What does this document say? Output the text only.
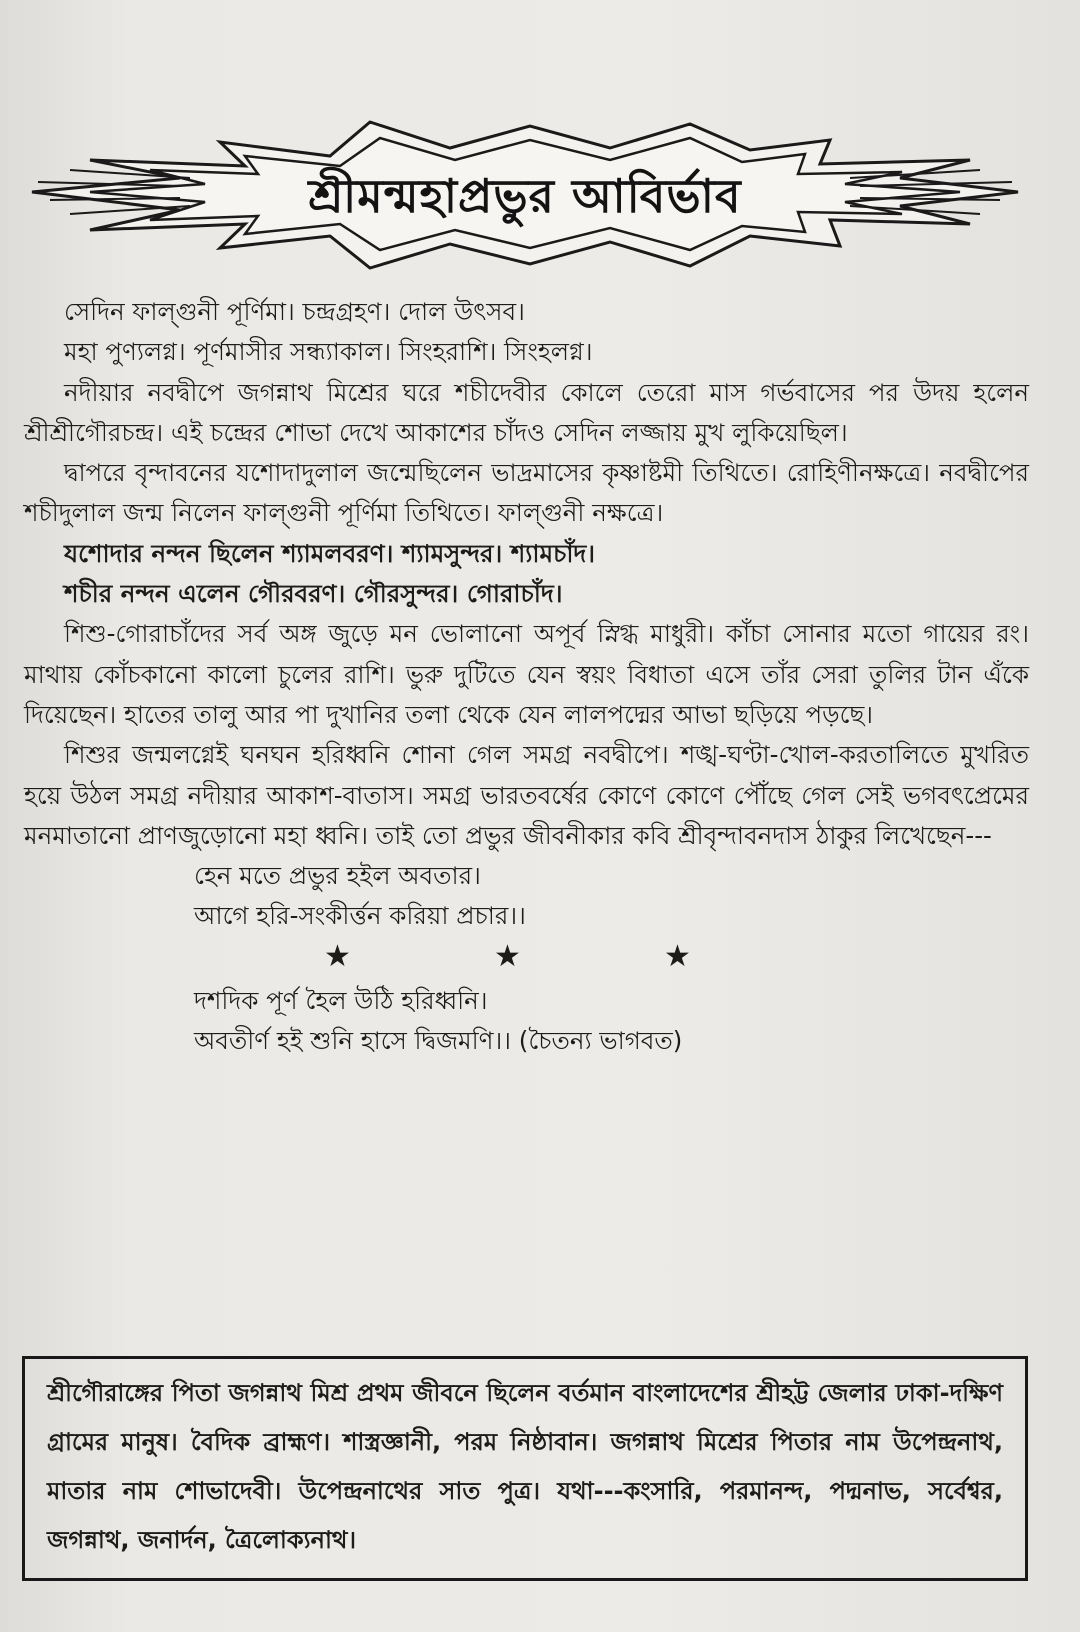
শ্রীমন্মহাপ্রভুর আবির্ভাব

সেদিন ফাল্গুনী পূর্ণিমা। চন্দ্রগ্রহণ। দোল উৎসব।

মহা পুণ্যলগ্ন। পূর্ণমাসীর সন্ধ্যাকাল। সিংহরাশি। সিংহলগ্ন।

নদীয়ার নবদ্বীপে জগন্নাথ মিশ্রের ঘরে শচীদেবীর কোলে তেরো মাস গর্ভবাসের পর উদয় হলেন শ্রীশ্রীগৌরচন্দ্র। এই চন্দ্রের শোভা দেখে আকাশের চাঁদও সেদিন লজ্জায় মুখ লুকিয়েছিল।

দ্বাপরে বৃন্দাবনের যশোদাদুলাল জন্মেছিলেন ভাদ্রমাসের কৃষ্ণাষ্টমী তিথিতে। রোহিণীনক্ষত্রে। নবদ্বীপের শচীদুলাল জন্ম নিলেন ফাল্গুনী পূর্ণিমা তিথিতে। ফাল্গুনী নক্ষত্রে।

যশোদার নন্দন ছিলেন শ্যামলবরণ। শ্যামসুন্দর। শ্যামচাঁদ।

শচীর নন্দন এলেন গৌরবরণ। গৌরসুন্দর। গোরাচাঁদ।

শিশু-গোরাচাঁদের সর্ব অঙ্গ জুড়ে মন ভোলানো অপূর্ব স্নিগ্ধ মাধুরী। কাঁচা সোনার মতো গায়ের রং। মাথায় কোঁচকানো কালো চুলের রাশি। ভুরু দুটিতে যেন স্বয়ং বিধাতা এসে তাঁর সেরা তুলির টান এঁকে দিয়েছেন। হাতের তালু আর পা দুখানির তলা থেকে যেন লালপদ্মের আভা ছড়িয়ে পড়ছে।

শিশুর জন্মলগ্নেই ঘনঘন হরিধ্বনি শোনা গেল সমগ্র নবদ্বীপে। শঙ্খ-ঘণ্টা-খোল-করতালিতে মুখরিত হয়ে উঠল সমগ্র নদীয়ার আকাশ-বাতাস। সমগ্র ভারতবর্ষের কোণে কোণে পৌঁছে গেল সেই ভগবৎপ্রেমের মনমাতানো প্রাণজুড়োনো মহা ধ্বনি। তাই তো প্রভুর জীবনীকার কবি শ্রীবৃন্দাবনদাস ঠাকুর লিখেছেন---

হেন মতে প্রভুর হইল অবতার।

আগে হরি-সংকীর্ত্তন করিয়া প্রচার।।

★	★	★

দশদিক পূর্ণ হৈল উঠি হরিধ্বনি।

অবতীর্ণ হই শুনি হাসে দ্বিজমণি।। (চৈতন্য ভাগবত)

শ্রীগৌরাঙ্গের পিতা জগন্নাথ মিশ্র প্রথম জীবনে ছিলেন বর্তমান বাংলাদেশের শ্রীহট্ট জেলার ঢাকা-দক্ষিণ গ্রামের মানুষ। বৈদিক ব্রাহ্মণ। শাস্ত্রজ্ঞানী, পরম নিষ্ঠাবান। জগন্নাথ মিশ্রের পিতার নাম উপেন্দ্রনাথ, মাতার নাম শোভাদেবী। উপেন্দ্রনাথের সাত পুত্র। যথা---কংসারি, পরমানন্দ, পদ্মনাভ, সর্বেশ্বর, জগন্নাথ, জনার্দন, ত্রৈলোক্যনাথ।
